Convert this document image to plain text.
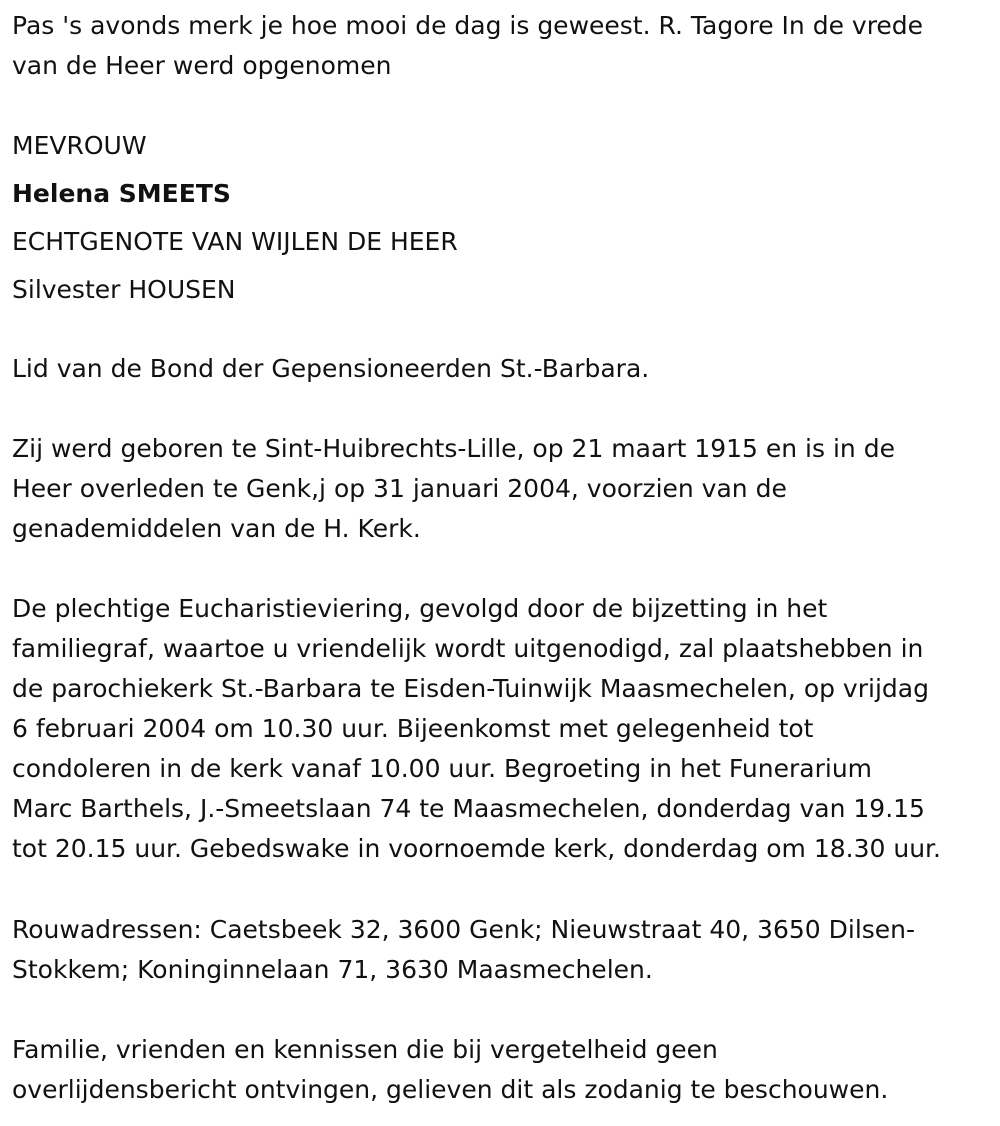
Pas 's avonds merk je hoe mooi de dag is geweest. R. Tagore In de vrede
van de Heer werd opgenomen

MEVROUW

Helena SMEETS

ECHTGENOTE VAN WIJLEN DE HEER

Silvester HOUSEN

Lid van de Bond der Gepensioneerden St.-Barbara.

Zij werd geboren te Sint-Huibrechts-Lille, op 21 maart 1915 en is in de
Heer overleden te Genk,j op 31 januari 2004, voorzien van de
genademiddelen van de H. Kerk.

De plechtige Eucharistieviering, gevolgd door de bijzetting in het
familiegraf, waartoe u vriendelijk wordt uitgenodigd, zal plaatshebben in
de parochiekerk St.-Barbara te Eisden-Tuinwijk Maasmechelen, op vrijdag
6 februari 2004 om 10.30 uur. Bijeenkomst met gelegenheid tot
condoleren in de kerk vanaf 10.00 uur. Begroeting in het Funerarium
Marc Barthels, J.-Smeetslaan 74 te Maasmechelen, donderdag van 19.15
tot 20.15 uur. Gebedswake in voornoemde kerk, donderdag om 18.30 uur.

Rouwadressen: Caetsbeek 32, 3600 Genk; Nieuwstraat 40, 3650 Dilsen-
Stokkem; Koninginnelaan 71, 3630 Maasmechelen.

Familie, vrienden en kennissen die bij vergetelheid geen
overlijdensbericht ontvingen, gelieven dit als zodanig te beschouwen.
